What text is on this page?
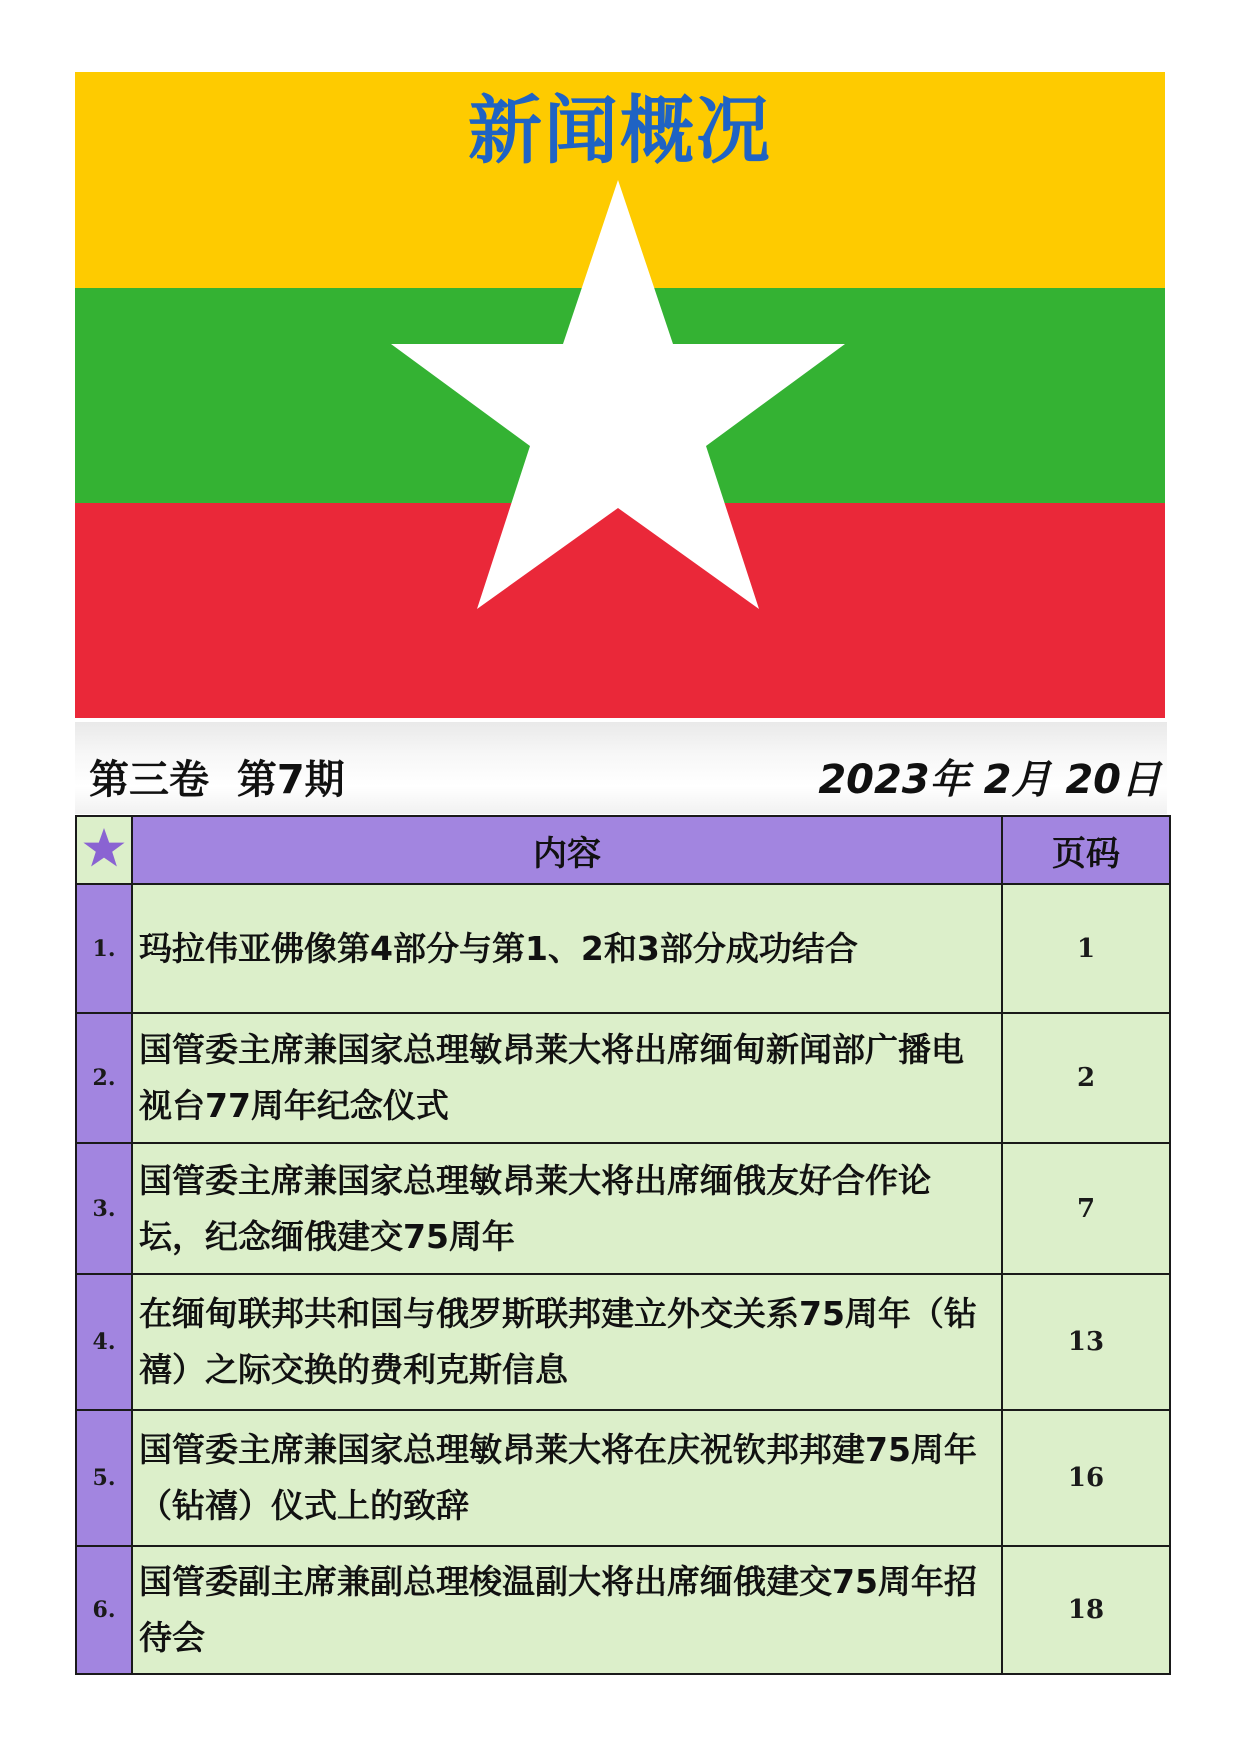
新闻概况
第三卷  第7期	2023年 2月 20日
	内容	页码
1.	玛拉伟亚佛像第4部分与第1、2和3部分成功结合	1
2.	国管委主席兼国家总理敏昂莱大将出席缅甸新闻部广播电视台77周年纪念仪式	2
3.	国管委主席兼国家总理敏昂莱大将出席缅俄友好合作论坛，纪念缅俄建交75周年	7
4.	在缅甸联邦共和国与俄罗斯联邦建立外交关系75周年（钻禧）之际交换的费利克斯信息	13
5.	国管委主席兼国家总理敏昂莱大将在庆祝钦邦邦建75周年（钻禧）仪式上的致辞	16
6.	国管委副主席兼副总理梭温副大将出席缅俄建交75周年招待会	18
